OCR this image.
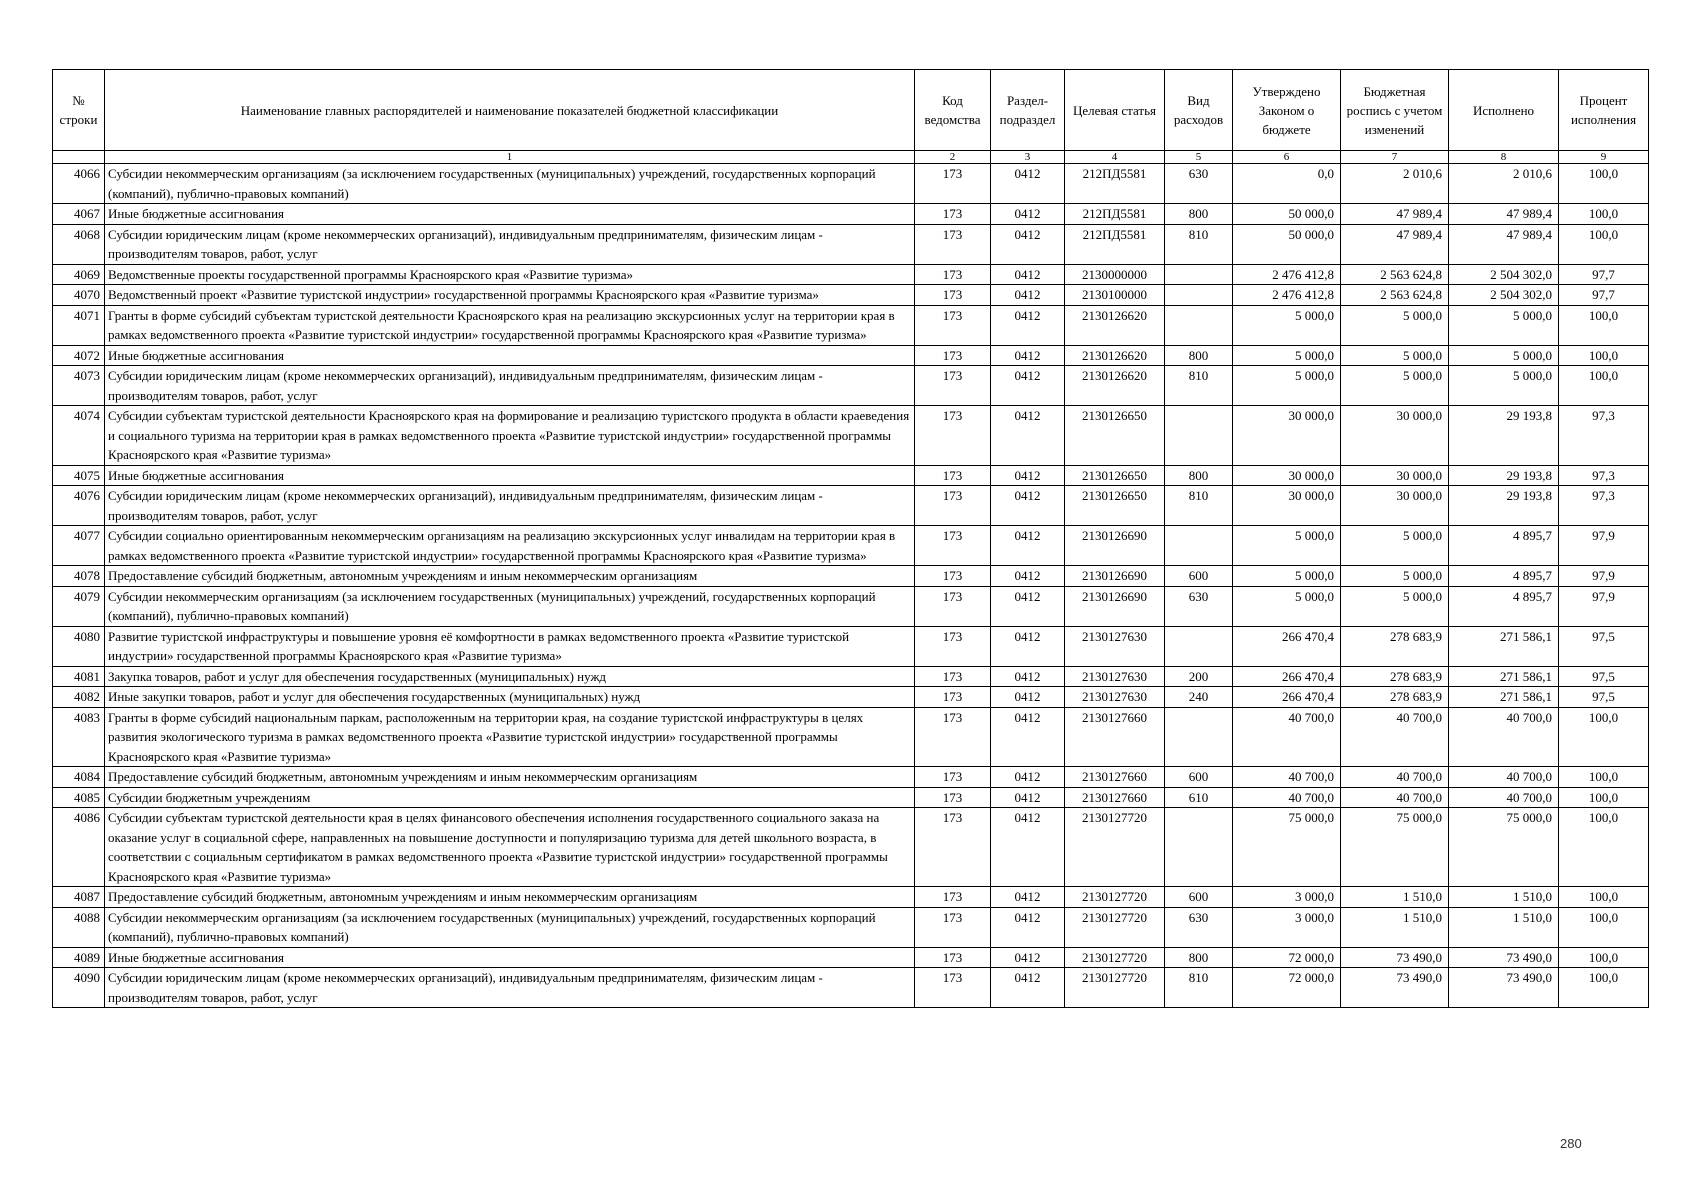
№ строки	Наименование главных распорядителей и наименование показателей бюджетной классификации	Код ведомства	Раздел-подраздел	Целевая статья	Вид расходов	Утверждено Законом о бюджете	Бюджетная роспись с учетом изменений	Исполнено	Процент исполнения
	1	2	3	4	5	6	7	8	9
4066	Субсидии некоммерческим организациям (за исключением государственных (муниципальных) учреждений, государственных корпораций (компаний), публично-правовых компаний)	173	0412	212ПД5581	630	0,0	2 010,6	2 010,6	100,0
4067	Иные бюджетные ассигнования	173	0412	212ПД5581	800	50 000,0	47 989,4	47 989,4	100,0
4068	Субсидии юридическим лицам (кроме некоммерческих организаций), индивидуальным предпринимателям, физическим лицам - производителям товаров, работ, услуг	173	0412	212ПД5581	810	50 000,0	47 989,4	47 989,4	100,0
4069	Ведомственные проекты государственной программы Красноярского края «Развитие туризма»	173	0412	2130000000		2 476 412,8	2 563 624,8	2 504 302,0	97,7
4070	Ведомственный проект «Развитие туристской индустрии» государственной программы Красноярского края «Развитие туризма»	173	0412	2130100000		2 476 412,8	2 563 624,8	2 504 302,0	97,7
4071	Гранты в форме субсидий субъектам туристской деятельности Красноярского края на реализацию экскурсионных услуг на территории края в рамках ведомственного проекта «Развитие туристской индустрии» государственной программы Красноярского края «Развитие туризма»	173	0412	2130126620		5 000,0	5 000,0	5 000,0	100,0
4072	Иные бюджетные ассигнования	173	0412	2130126620	800	5 000,0	5 000,0	5 000,0	100,0
4073	Субсидии юридическим лицам (кроме некоммерческих организаций), индивидуальным предпринимателям, физическим лицам - производителям товаров, работ, услуг	173	0412	2130126620	810	5 000,0	5 000,0	5 000,0	100,0
4074	Субсидии субъектам туристской деятельности Красноярского края на формирование и реализацию туристского продукта в области краеведения и социального туризма на территории края в рамках ведомственного проекта «Развитие туристской индустрии» государственной программы Красноярского края «Развитие туризма»	173	0412	2130126650		30 000,0	30 000,0	29 193,8	97,3
4075	Иные бюджетные ассигнования	173	0412	2130126650	800	30 000,0	30 000,0	29 193,8	97,3
4076	Субсидии юридическим лицам (кроме некоммерческих организаций), индивидуальным предпринимателям, физическим лицам - производителям товаров, работ, услуг	173	0412	2130126650	810	30 000,0	30 000,0	29 193,8	97,3
4077	Субсидии социально ориентированным некоммерческим организациям на реализацию экскурсионных услуг инвалидам на территории края в рамках ведомственного проекта «Развитие туристской индустрии» государственной программы Красноярского края «Развитие туризма»	173	0412	2130126690		5 000,0	5 000,0	4 895,7	97,9
4078	Предоставление субсидий бюджетным, автономным учреждениям и иным некоммерческим организациям	173	0412	2130126690	600	5 000,0	5 000,0	4 895,7	97,9
4079	Субсидии некоммерческим организациям (за исключением государственных (муниципальных) учреждений, государственных корпораций (компаний), публично-правовых компаний)	173	0412	2130126690	630	5 000,0	5 000,0	4 895,7	97,9
4080	Развитие туристской инфраструктуры и повышение уровня её комфортности в рамках ведомственного проекта «Развитие туристской индустрии» государственной программы Красноярского края «Развитие туризма»	173	0412	2130127630		266 470,4	278 683,9	271 586,1	97,5
4081	Закупка товаров, работ и услуг для обеспечения государственных (муниципальных) нужд	173	0412	2130127630	200	266 470,4	278 683,9	271 586,1	97,5
4082	Иные закупки товаров, работ и услуг для обеспечения государственных (муниципальных) нужд	173	0412	2130127630	240	266 470,4	278 683,9	271 586,1	97,5
4083	Гранты в форме субсидий национальным паркам, расположенным на территории края, на создание туристской инфраструктуры в целях развития экологического туризма в рамках ведомственного проекта «Развитие туристской индустрии» государственной программы Красноярского края «Развитие туризма»	173	0412	2130127660		40 700,0	40 700,0	40 700,0	100,0
4084	Предоставление субсидий бюджетным, автономным учреждениям и иным некоммерческим организациям	173	0412	2130127660	600	40 700,0	40 700,0	40 700,0	100,0
4085	Субсидии бюджетным учреждениям	173	0412	2130127660	610	40 700,0	40 700,0	40 700,0	100,0
4086	Субсидии субъектам туристской деятельности края в целях финансового обеспечения исполнения государственного социального заказа на оказание услуг в социальной сфере, направленных на повышение доступности и популяризацию туризма для детей школьного возраста, в соответствии с социальным сертификатом в рамках ведомственного проекта «Развитие туристской индустрии» государственной программы Красноярского края «Развитие туризма»	173	0412	2130127720		75 000,0	75 000,0	75 000,0	100,0
4087	Предоставление субсидий бюджетным, автономным учреждениям и иным некоммерческим организациям	173	0412	2130127720	600	3 000,0	1 510,0	1 510,0	100,0
4088	Субсидии некоммерческим организациям (за исключением государственных (муниципальных) учреждений, государственных корпораций (компаний), публично-правовых компаний)	173	0412	2130127720	630	3 000,0	1 510,0	1 510,0	100,0
4089	Иные бюджетные ассигнования	173	0412	2130127720	800	72 000,0	73 490,0	73 490,0	100,0
4090	Субсидии юридическим лицам (кроме некоммерческих организаций), индивидуальным предпринимателям, физическим лицам - производителям товаров, работ, услуг	173	0412	2130127720	810	72 000,0	73 490,0	73 490,0	100,0
280
